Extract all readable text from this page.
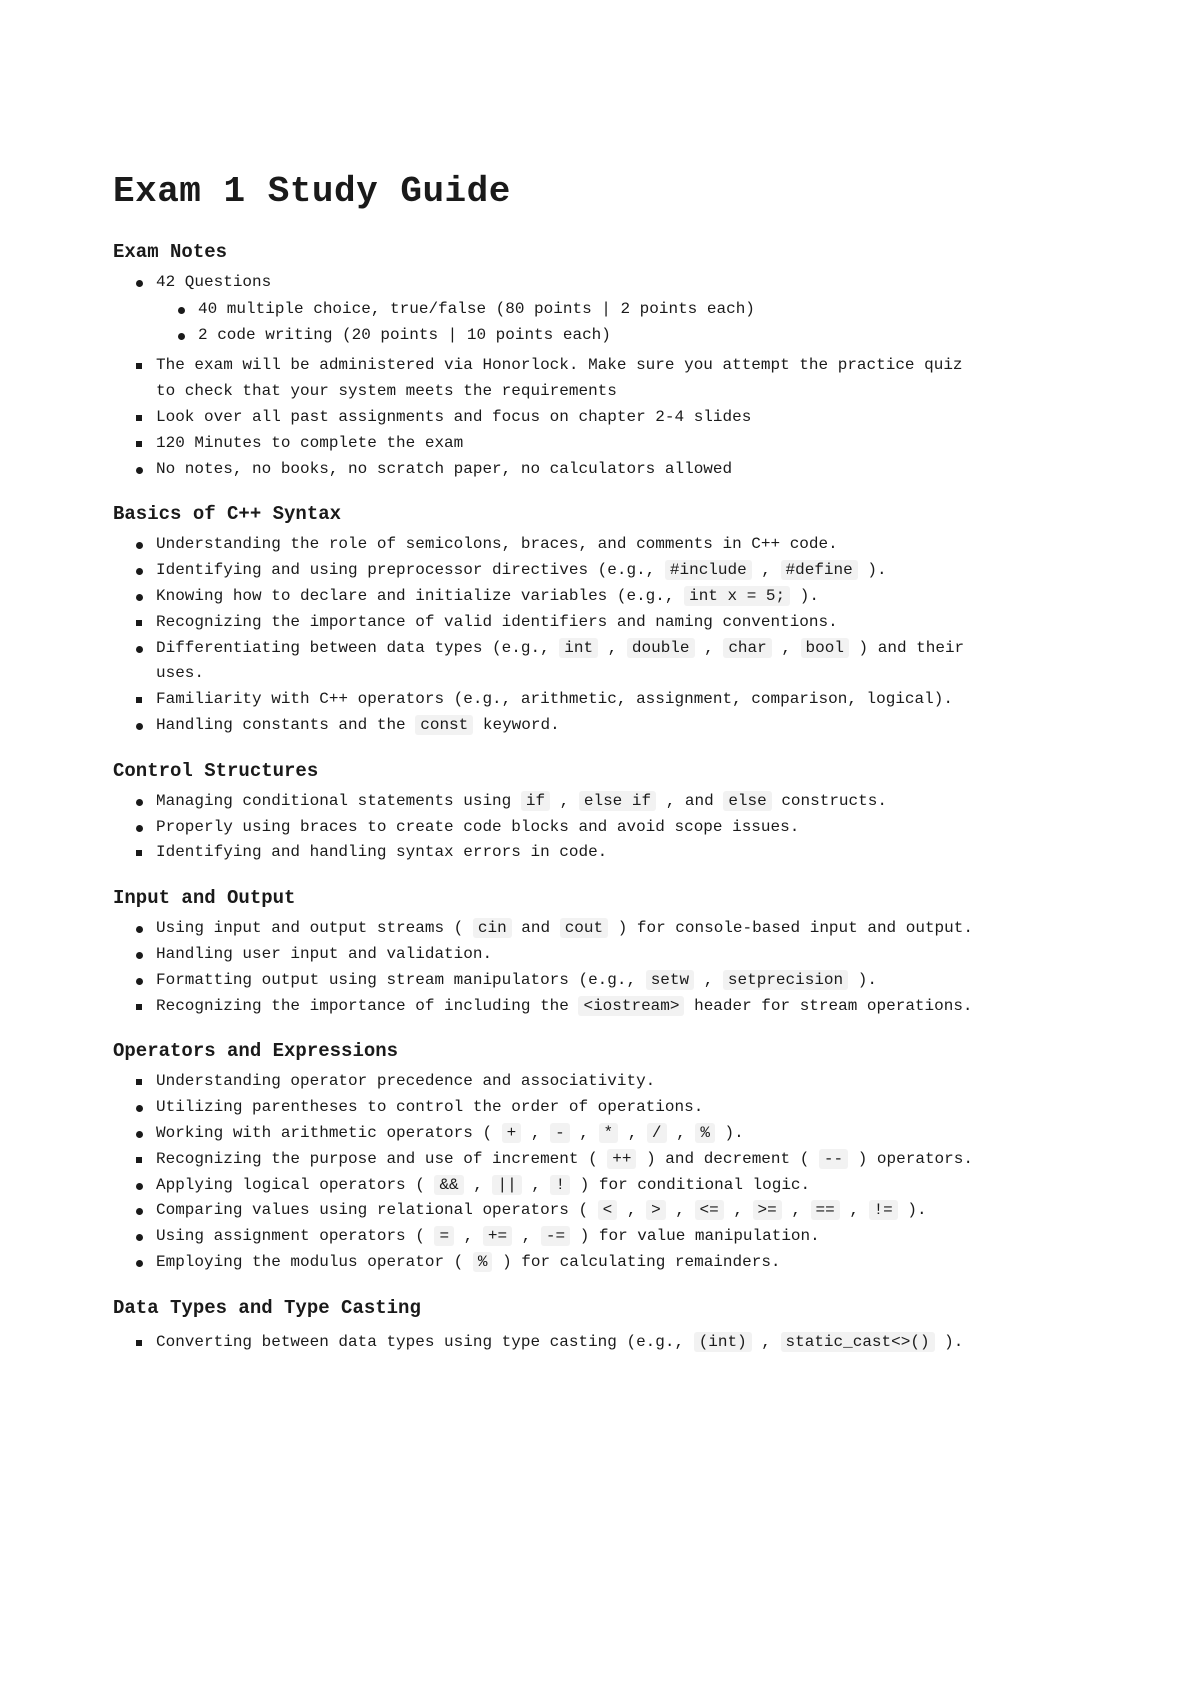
Exam 1 Study Guide
Exam Notes
42 Questions
40 multiple choice, true/false (80 points | 2 points each)
2 code writing (20 points | 10 points each)
The exam will be administered via Honorlock. Make sure you attempt the practice quiz to check that your system meets the requirements
Look over all past assignments and focus on chapter 2-4 slides
120 Minutes to complete the exam
No notes, no books, no scratch paper, no calculators allowed
Basics of C++ Syntax
Understanding the role of semicolons, braces, and comments in C++ code.
Identifying and using preprocessor directives (e.g., #include , #define ).
Knowing how to declare and initialize variables (e.g., int x = 5; ).
Recognizing the importance of valid identifiers and naming conventions.
Differentiating between data types (e.g., int , double , char , bool ) and their uses.
Familiarity with C++ operators (e.g., arithmetic, assignment, comparison, logical).
Handling constants and the const keyword.
Control Structures
Managing conditional statements using if , else if , and else constructs.
Properly using braces to create code blocks and avoid scope issues.
Identifying and handling syntax errors in code.
Input and Output
Using input and output streams ( cin and cout ) for console-based input and output.
Handling user input and validation.
Formatting output using stream manipulators (e.g., setw , setprecision ).
Recognizing the importance of including the <iostream> header for stream operations.
Operators and Expressions
Understanding operator precedence and associativity.
Utilizing parentheses to control the order of operations.
Working with arithmetic operators ( + , - , * , / , % ).
Recognizing the purpose and use of increment ( ++ ) and decrement ( -- ) operators.
Applying logical operators ( && , || , ! ) for conditional logic.
Comparing values using relational operators ( < , > , <= , >= , == , != ).
Using assignment operators ( = , += , -= ) for value manipulation.
Employing the modulus operator ( % ) for calculating remainders.
Data Types and Type Casting
Converting between data types using type casting (e.g., (int) , static_cast<>() ).
